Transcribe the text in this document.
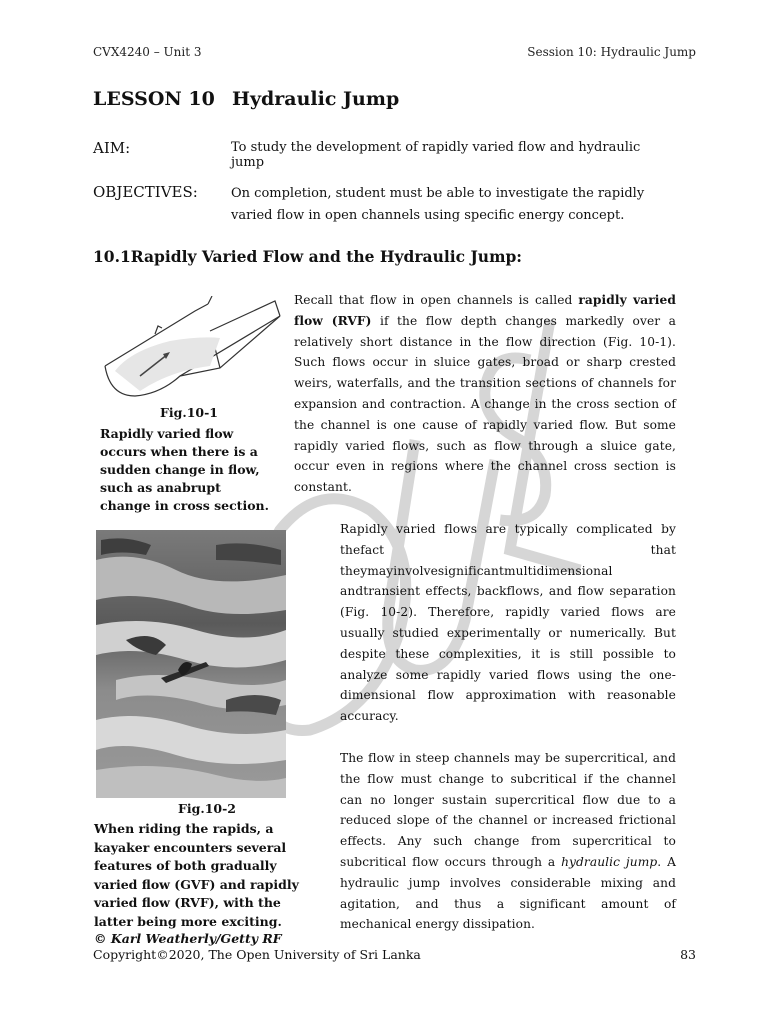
CVX4240 – Unit 3	Session 10: Hydraulic Jump
LESSON 10 Hydraulic Jump
AIM:	To study the development of rapidly varied flow and hydraulic jump
OBJECTIVES:	On completion, student must be able to investigate the rapidly varied flow in open channels using specific energy concept.
10.1Rapidly Varied Flow and the Hydraulic Jump:
Fig.10-1
Rapidly varied flow occurs when there is a sudden change in flow, such as anabrupt change in cross section.
Recall that flow in open channels is called rapidly varied flow (RVF) if the flow depth changes markedly over a relatively short distance in the flow direction (Fig. 10-1). Such flows occur in sluice gates, broad or sharp crested weirs, waterfalls, and the transition sections of channels for expansion and contraction. A change in the cross section of the channel is one cause of rapidly varied flow. But some rapidly varied flows, such as flow through a sluice gate, occur even in regions where the channel cross section is constant.
Fig.10-2
When riding the rapids, a kayaker encounters several features of both gradually varied flow (GVF) and rapidly varied flow (RVF), with the latter being more exciting.
© Karl Weatherly/Getty RF
Rapidly varied flows are typically complicated by thefact that theymayinvolvesignificantmultidimensional andtransient effects, backflows, and flow separation (Fig. 10-2). Therefore, rapidly varied flows are usually studied experimentally or numerically. But despite these complexities, it is still possible to analyze some rapidly varied flows using the one-dimensional flow approximation with reasonable accuracy.
The flow in steep channels may be supercritical, and the flow must change to subcritical if the channel can no longer sustain supercritical flow due to a reduced slope of the channel or increased frictional effects. Any such change from supercritical to subcritical flow occurs through a hydraulic jump. A hydraulic jump involves considerable mixing and agitation, and thus a significant amount of mechanical energy dissipation.
Copyright©2020, The Open University of Sri Lanka	83
